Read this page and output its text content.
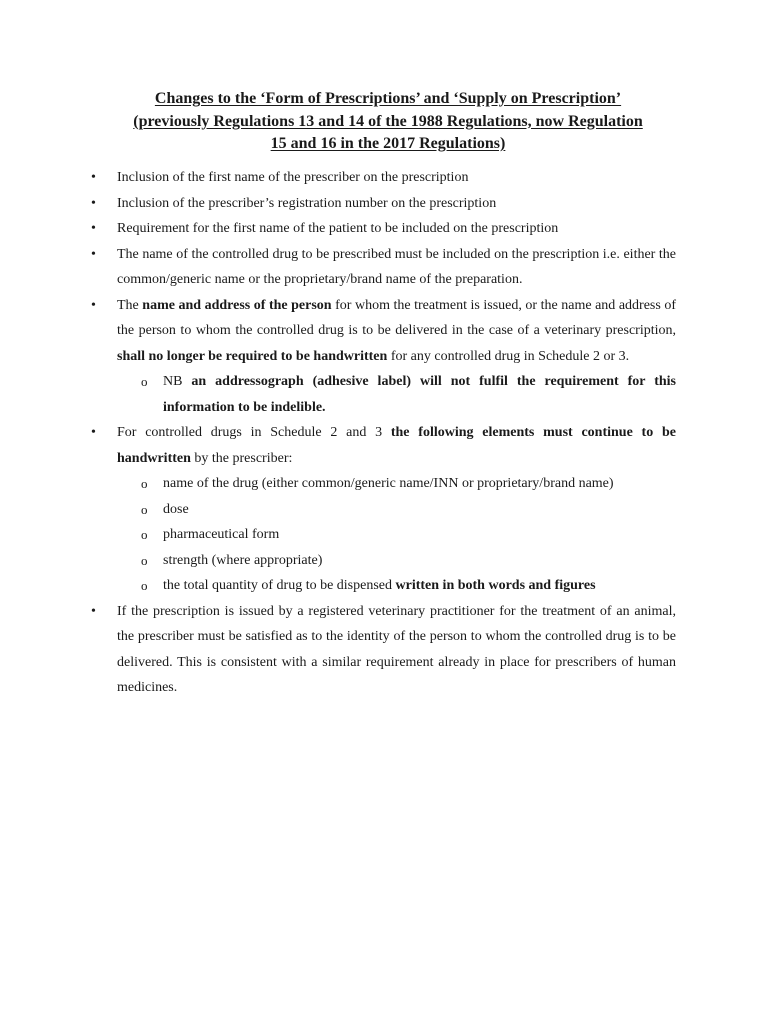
Changes to the ‘Form of Prescriptions’ and ‘Supply on Prescription’
(previously Regulations 13 and 14 of the 1988 Regulations, now Regulation
15 and 16 in the 2017 Regulations)
• Inclusion of the first name of the prescriber on the prescription
• Inclusion of the prescriber’s registration number on the prescription
• Requirement for the first name of the patient to be included on the prescription
• The name of the controlled drug to be prescribed must be included on the prescription i.e. either the common/generic name or the proprietary/brand name of the preparation.
• The name and address of the person for whom the treatment is issued, or the name and address of the person to whom the controlled drug is to be delivered in the case of a veterinary prescription, shall no longer be required to be handwritten for any controlled drug in Schedule 2 or 3.
o NB an addressograph (adhesive label) will not fulfil the requirement for this information to be indelible.
• For controlled drugs in Schedule 2 and 3 the following elements must continue to be handwritten by the prescriber:
o name of the drug (either common/generic name/INN or proprietary/brand name)
o dose
o pharmaceutical form
o strength (where appropriate)
o the total quantity of drug to be dispensed written in both words and figures
• If the prescription is issued by a registered veterinary practitioner for the treatment of an animal, the prescriber must be satisfied as to the identity of the person to whom the controlled drug is to be delivered. This is consistent with a similar requirement already in place for prescribers of human medicines.
